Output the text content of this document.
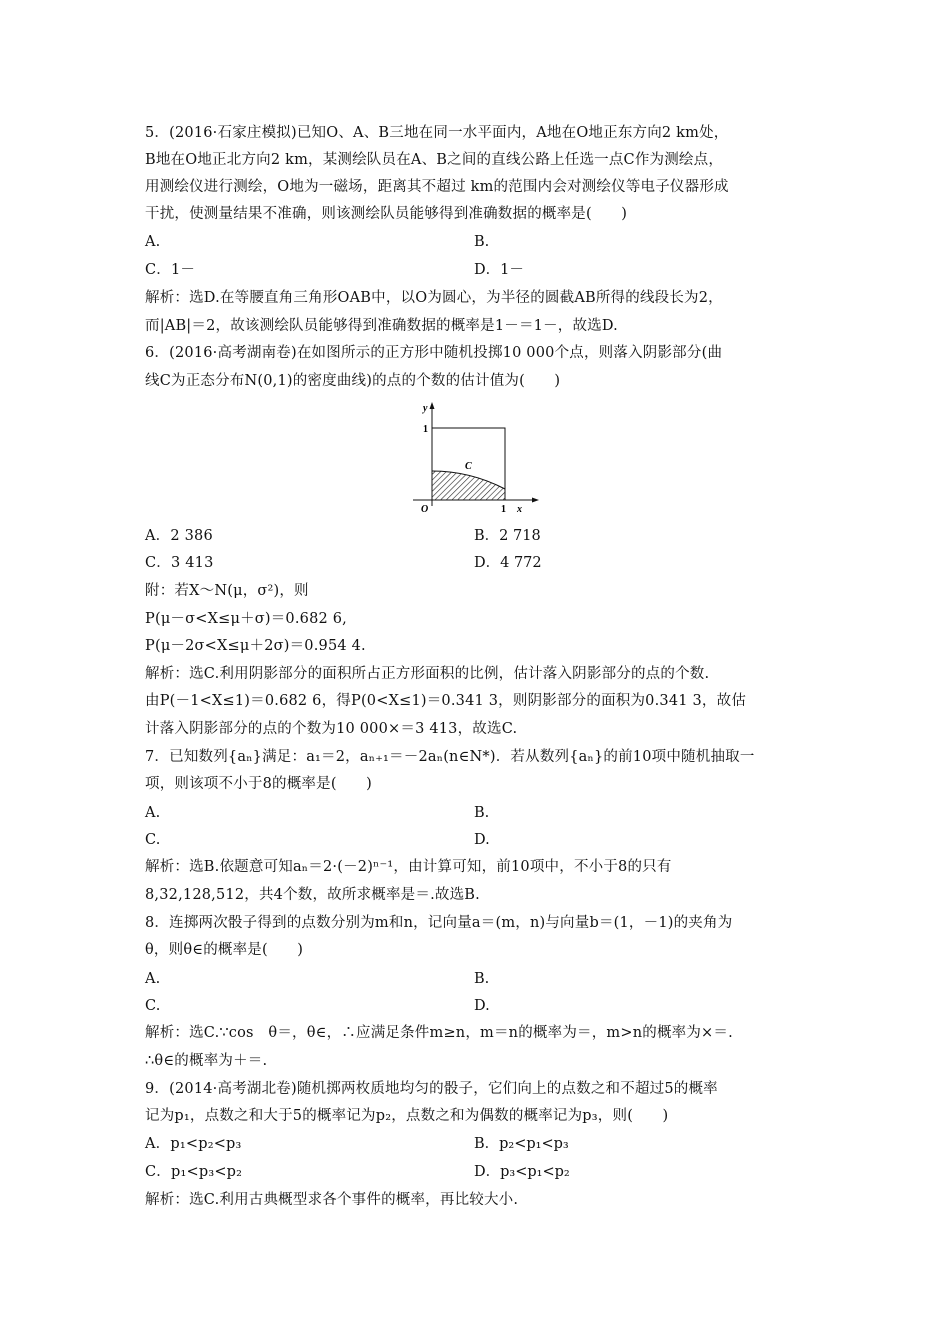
5．(2016·石家庄模拟)已知O、A、B三地在同一水平面内，A地在O地正东方向2 km处，
B地在O地正北方向2 km，某测绘队员在A、B之间的直线公路上任选一点C作为测绘点，
用测绘仪进行测绘，O地为一磁场，距离其不超过 km的范围内会对测绘仪等电子仪器形成
干扰，使测量结果不准确，则该测绘队员能够得到准确数据的概率是(　　)
A.	B.
C．1－	D．1－
解析：选D.在等腰直角三角形OAB中，以O为圆心，为半径的圆截AB所得的线段长为2，
而|AB|＝2，故该测绘队员能够得到准确数据的概率是1－＝1－，故选D.
6．(2016·高考湖南卷)在如图所示的正方形中随机投掷10 000个点，则落入阴影部分(曲
线C为正态分布N(0,1)的密度曲线)的点的个数的估计值为(　　)
y
1
C
O	1 x
A．2 386	B．2 718
C．3 413	D．4 772
附：若X～N(μ，σ²)，则
P(μ－σ<X≤μ＋σ)＝0.682 6,
P(μ－2σ<X≤μ＋2σ)＝0.954 4.
解析：选C.利用阴影部分的面积所占正方形面积的比例，估计落入阴影部分的点的个数.
由P(－1<X≤1)＝0.682 6，得P(0<X≤1)＝0.341 3，则阴影部分的面积为0.341 3，故估
计落入阴影部分的点的个数为10 000×＝3 413，故选C.
7．已知数列{aₙ}满足：a₁＝2，aₙ₊₁＝－2aₙ(n∈N*)．若从数列{aₙ}的前10项中随机抽取一
项，则该项不小于8的概率是(　　)
A.	B.
C.	D.
解析：选B.依题意可知aₙ＝2·(－2)ⁿ⁻¹，由计算可知，前10项中，不小于8的只有
8,32,128,512，共4个数，故所求概率是＝.故选B.
8．连掷两次骰子得到的点数分别为m和n，记向量a＝(m，n)与向量b＝(1，－1)的夹角为
θ，则θ∈的概率是(　　)
A.	B.
C.	D.
解析：选C.∵cos　θ＝，θ∈，∴应满足条件m≥n，m＝n的概率为＝，m>n的概率为×＝.
∴θ∈的概率为＋＝.
9．(2014·高考湖北卷)随机掷两枚质地均匀的骰子，它们向上的点数之和不超过5的概率
记为p₁，点数之和大于5的概率记为p₂，点数之和为偶数的概率记为p₃，则(　　)
A．p₁<p₂<p₃	B．p₂<p₁<p₃
C．p₁<p₃<p₂	D．p₃<p₁<p₂
解析：选C.利用古典概型求各个事件的概率，再比较大小.
